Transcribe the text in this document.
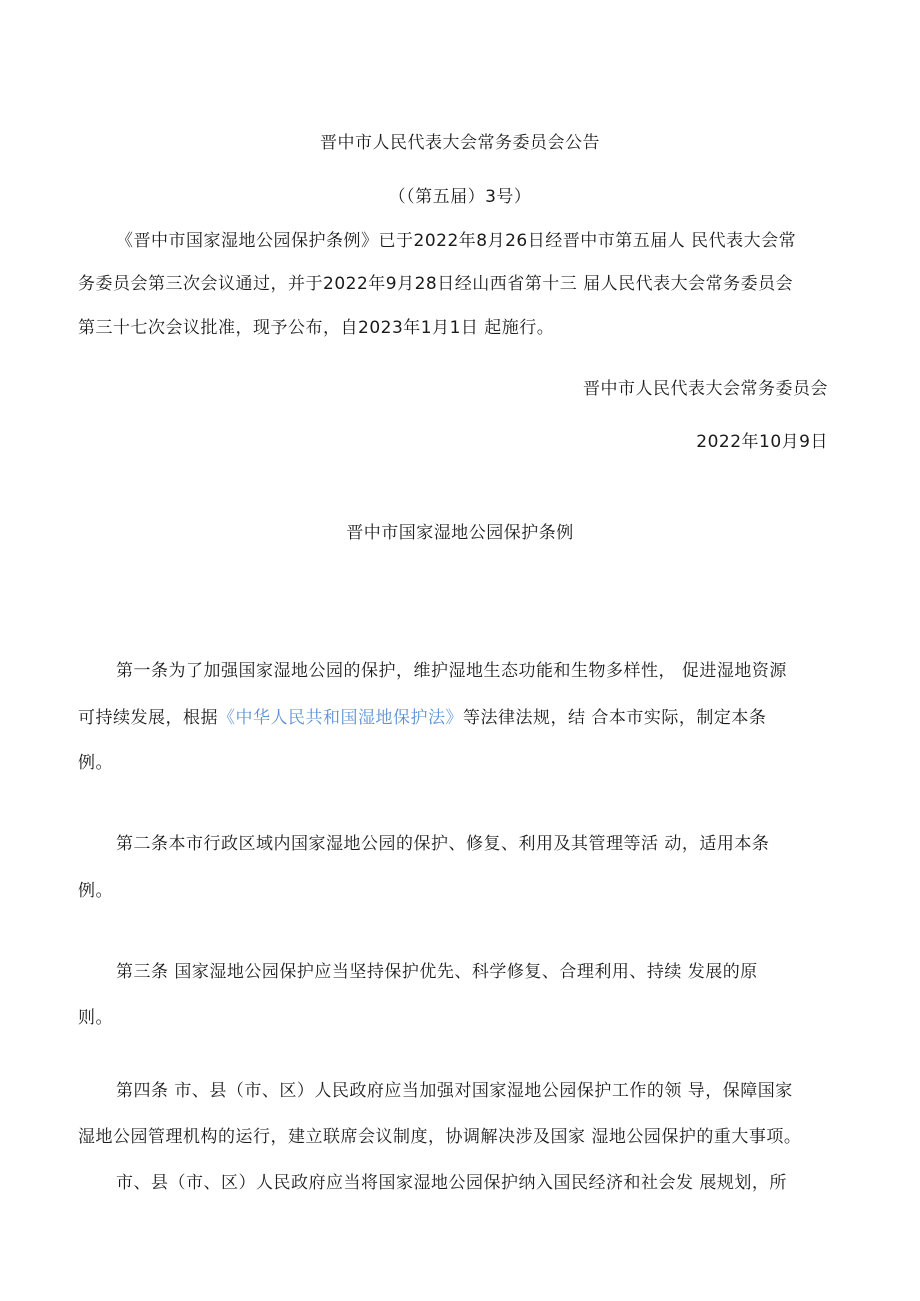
晋中市人民代表大会常务委员会公告
（（第五届）3号）
《晋中市国家湿地公园保护条例》已于2022年8月26日经晋中市第五届人 民代表大会常
务委员会第三次会议通过，并于2022年9月28日经山西省第十三 届人民代表大会常务委员会
第三十七次会议批准，现予公布，自2023年1月1日 起施行。
晋中市人民代表大会常务委员会
2022年10月9日
晋中市国家湿地公园保护条例
第一条为了加强国家湿地公园的保护，维护湿地生态功能和生物多样性， 促进湿地资源
可持续发展，根据《中华人民共和国湿地保护法》等法律法规，结 合本市实际，制定本条
例。
第二条本市行政区域内国家湿地公园的保护、修复、利用及其管理等活 动，适用本条
例。
第三条 国家湿地公园保护应当坚持保护优先、科学修复、合理利用、持续 发展的原
则。
第四条 市、县（市、区）人民政府应当加强对国家湿地公园保护工作的领 导，保障国家
湿地公园管理机构的运行，建立联席会议制度，协调解决涉及国家 湿地公园保护的重大事项。
市、县（市、区）人民政府应当将国家湿地公园保护纳入国民经济和社会发 展规划，所
